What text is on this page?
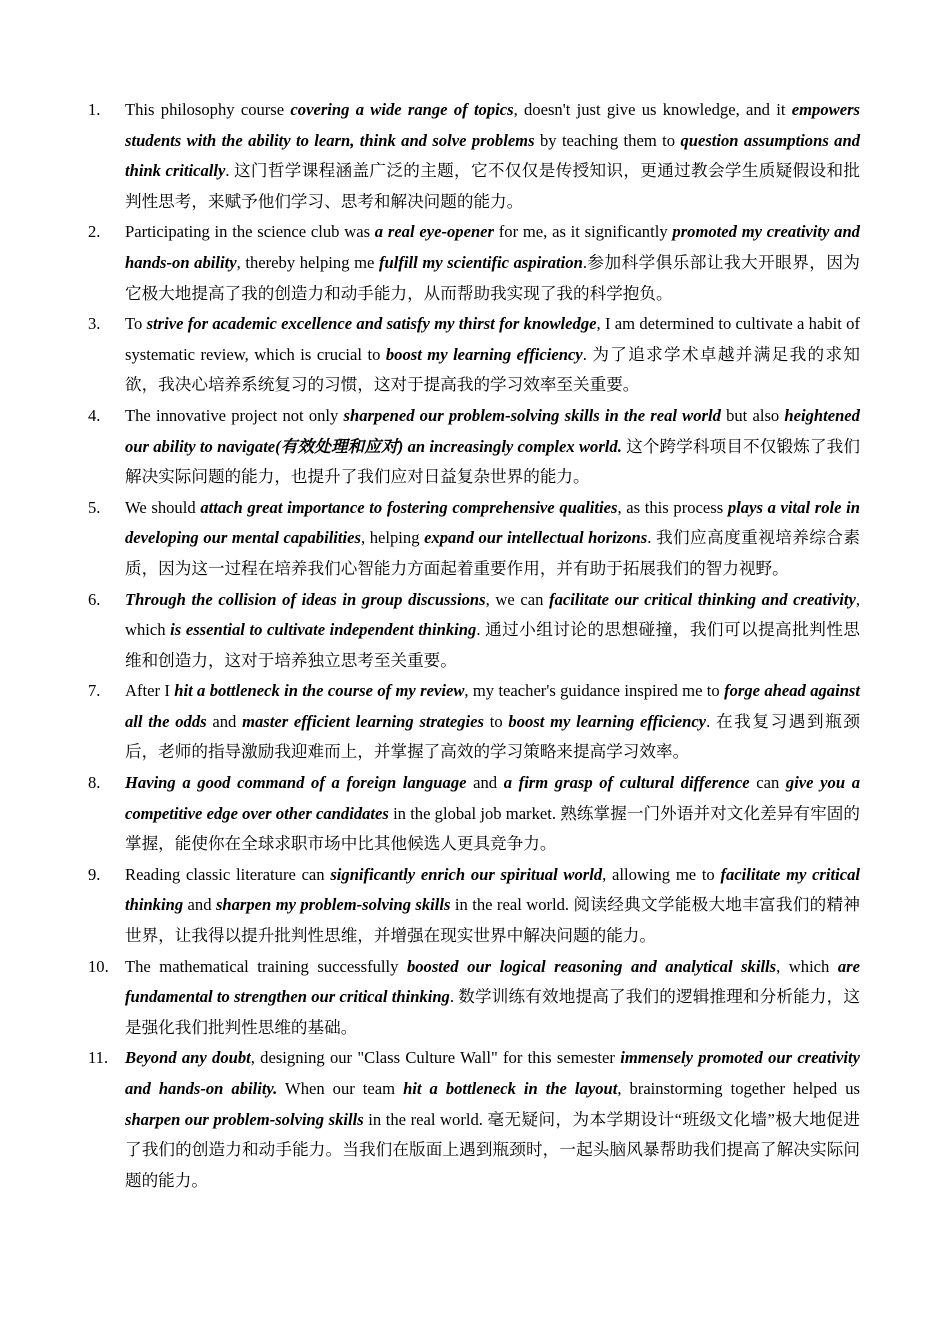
1. This philosophy course covering a wide range of topics, doesn't just give us knowledge, and it empowers students with the ability to learn, think and solve problems by teaching them to question assumptions and think critically. 这门哲学课程涵盖广泛的主题，它不仅仅是传授知识，更通过教会学生质疑假设和批判性思考，来赋予他们学习、思考和解决问题的能力。
2. Participating in the science club was a real eye-opener for me, as it significantly promoted my creativity and hands-on ability, thereby helping me fulfill my scientific aspiration.参加科学俱乐部让我大开眼界，因为它极大地提高了我的创造力和动手能力，从而帮助我实现了我的科学抱负。
3. To strive for academic excellence and satisfy my thirst for knowledge, I am determined to cultivate a habit of systematic review, which is crucial to boost my learning efficiency. 为了追求学术卓越并满足我的求知欲，我决心培养系统复习的习惯，这对于提高我的学习效率至关重要。
4. The innovative project not only sharpened our problem-solving skills in the real world but also heightened our ability to navigate(有效处理和应对) an increasingly complex world. 这个跨学科项目不仅锻炼了我们解决实际问题的能力，也提升了我们应对日益复杂世界的能力。
5. We should attach great importance to fostering comprehensive qualities, as this process plays a vital role in developing our mental capabilities, helping expand our intellectual horizons. 我们应高度重视培养综合素质，因为这一过程在培养我们心智能力方面起着重要作用，并有助于拓展我们的智力视野。
6. Through the collision of ideas in group discussions, we can facilitate our critical thinking and creativity, which is essential to cultivate independent thinking. 通过小组讨论的思想碰撞，我们可以提高批判性思维和创造力，这对于培养独立思考至关重要。
7. After I hit a bottleneck in the course of my review, my teacher's guidance inspired me to forge ahead against all the odds and master efficient learning strategies to boost my learning efficiency. 在我复习遇到瓶颈后，老师的指导激励我迎难而上，并掌握了高效的学习策略来提高学习效率。
8. Having a good command of a foreign language and a firm grasp of cultural difference can give you a competitive edge over other candidates in the global job market. 熟练掌握一门外语并对文化差异有牢固的掌握，能使你在全球求职市场中比其他候选人更具竞争力。
9. Reading classic literature can significantly enrich our spiritual world, allowing me to facilitate my critical thinking and sharpen my problem-solving skills in the real world. 阅读经典文学能极大地丰富我们的精神世界，让我得以提升批判性思维，并增强在现实世界中解决问题的能力。
10. The mathematical training successfully boosted our logical reasoning and analytical skills, which are fundamental to strengthen our critical thinking. 数学训练有效地提高了我们的逻辑推理和分析能力，这是强化我们批判性思维的基础。
11. Beyond any doubt, designing our "Class Culture Wall" for this semester immensely promoted our creativity and hands-on ability. When our team hit a bottleneck in the layout, brainstorming together helped us sharpen our problem-solving skills in the real world. 毫无疑问，为本学期设计“班级文化墙”极大地促进了我们的创造力和动手能力。当我们在版面上遇到瓶颈时，一起头脑风暴帮助我们提高了解决实际问题的能力。
